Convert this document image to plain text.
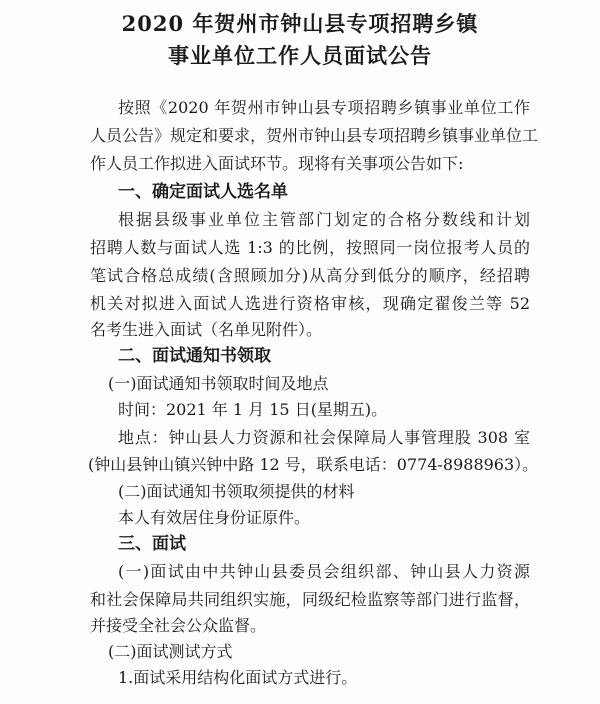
2020 年贺州市钟山县专项招聘乡镇
事业单位工作人员面试公告

按照《2020 年贺州市钟山县专项招聘乡镇事业单位工作

人员公告》规定和要求，贺州市钟山县专项招聘乡镇事业单位工

作人员工作拟进入面试环节。现将有关事项公告如下:

一、确定面试人选名单

根据县级事业单位主管部门划定的合格分数线和计划

招聘人数与面试人选 1:3 的比例，按照同一岗位报考人员的

笔试合格总成绩(含照顾加分)从高分到低分的顺序，经招聘

机关对拟进入面试人选进行资格审核，现确定翟俊兰等 52

名考生进入面试（名单见附件）。

二、面试通知书领取

(一)面试通知书领取时间及地点

时间：2021 年 1 月 15 日(星期五)。

地点：钟山县人力资源和社会保障局人事管理股 308 室

(钟山县钟山镇兴钟中路 12 号，联系电话：0774-8988963）。

(二)面试通知书领取须提供的材料

本人有效居住身份证原件。

三、面试

(一)面试由中共钟山县委员会组织部、钟山县人力资源

和社会保障局共同组织实施，同级纪检监察等部门进行监督，

并接受全社会公众监督。

(二)面试测试方式

1.面试采用结构化面试方式进行。
